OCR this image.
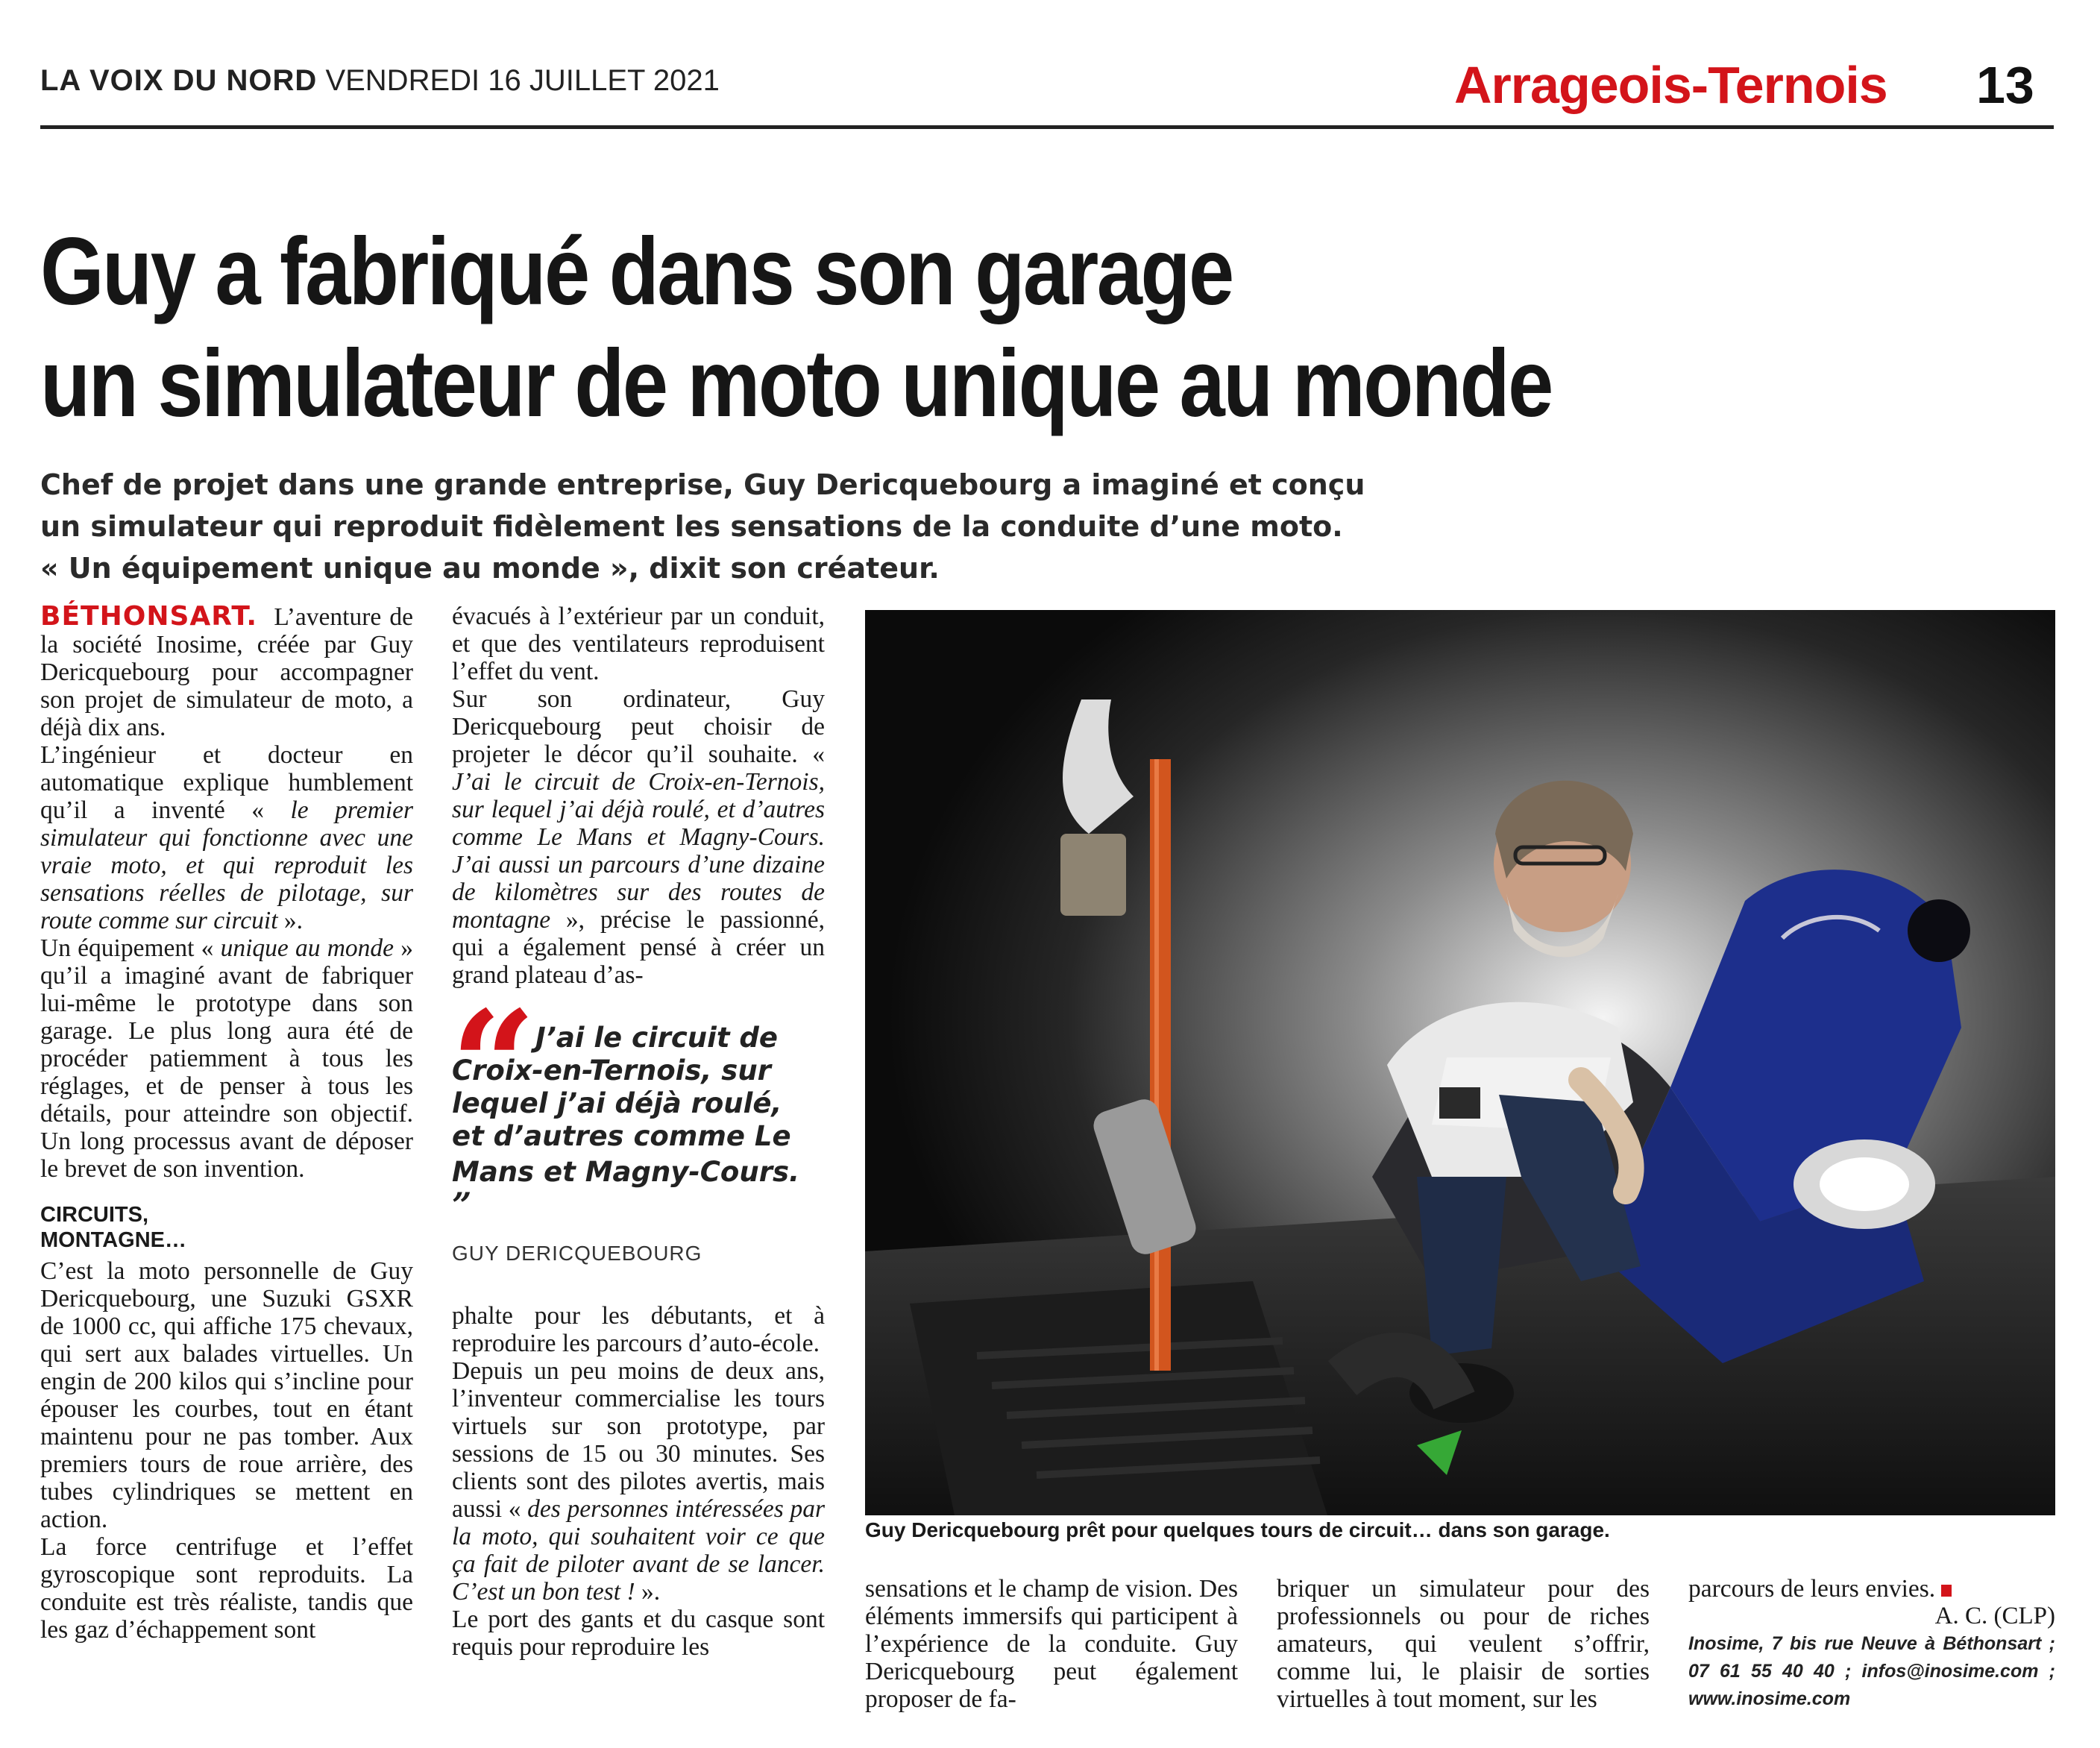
LA VOIX DU NORD VENDREDI 16 JUILLET 2021	Arrageois-Ternois 13
Guy a fabriqué dans son garage
un simulateur de moto unique au monde
Chef de projet dans une grande entreprise, Guy Dericquebourg a imaginé et conçu
un simulateur qui reproduit fidèlement les sensations de la conduite d’une moto.
« Un équipement unique au monde », dixit son créateur.

BÉTHONSART. L’aventure de la société Inosime, créée par Guy Dericquebourg pour accompagner son projet de simulateur de moto, a déjà dix ans.

L’ingénieur et docteur en automatique explique humblement qu’il a inventé « le premier simulateur qui fonctionne avec une vraie moto, et qui reproduit les sensations réelles de pilotage, sur route comme sur circuit ».

Un équipement « unique au monde » qu’il a imaginé avant de fabriquer lui-même le prototype dans son garage. Le plus long aura été de procéder patiemment à tous les réglages, et de penser à tous les détails, pour atteindre son objectif. Un long processus avant de déposer le brevet de son invention.

CIRCUITS, MONTAGNE…

C’est la moto personnelle de Guy Dericquebourg, une Suzuki GSXR de 1000 cc, qui affiche 175 chevaux, qui sert aux balades virtuelles. Un engin de 200 kilos qui s’incline pour épouser les courbes, tout en étant maintenu pour ne pas tomber. Aux premiers tours de roue arrière, des tubes cylindriques se mettent en action.

La force centrifuge et l’effet gyroscopique sont reproduits. La conduite est très réaliste, tandis que les gaz d’échappement sont

évacués à l’extérieur par un conduit, et que des ventilateurs reproduisent l’effet du vent.

Sur son ordinateur, Guy Dericquebourg peut choisir de projeter le décor qu’il souhaite. « J’ai le circuit de Croix-en-Ternois, sur lequel j’ai déjà roulé, et d’autres comme Le Mans et Magny-Cours. J’ai aussi un parcours d’une dizaine de kilomètres sur des routes de montagne », précise le passionné, qui a également pensé à créer un grand plateau d’as-

“
J’ai le circuit de Croix-en-Ternois, sur lequel j’ai déjà roulé, et d’autres comme Le Mans et Magny-Cours. ”
GUY DERICQUEBOURG

phalte pour les débutants, et à reproduire les parcours d’auto-école.

Depuis un peu moins de deux ans, l’inventeur commercialise les tours virtuels sur son prototype, par sessions de 15 ou 30 minutes. Ses clients sont des pilotes avertis, mais aussi « des personnes intéressées par la moto, qui souhaitent voir ce que ça fait de piloter avant de se lancer. C’est un bon test ! ».

Le port des gants et du casque sont requis pour reproduire les

Guy Dericquebourg prêt pour quelques tours de circuit… dans son garage.

sensations et le champ de vision. Des éléments immersifs qui participent à l’expérience de la conduite. Guy Dericquebourg peut également proposer de fa-

briquer un simulateur pour des professionnels ou pour de riches amateurs, qui veulent s’offrir, comme lui, le plaisir de sorties virtuelles à tout moment, sur les

parcours de leurs envies.

A. C. (CLP)
Inosime, 7 bis rue Neuve à Béthonsart ; 07 61 55 40 40 ; infos@inosime.com ; www.inosime.com
